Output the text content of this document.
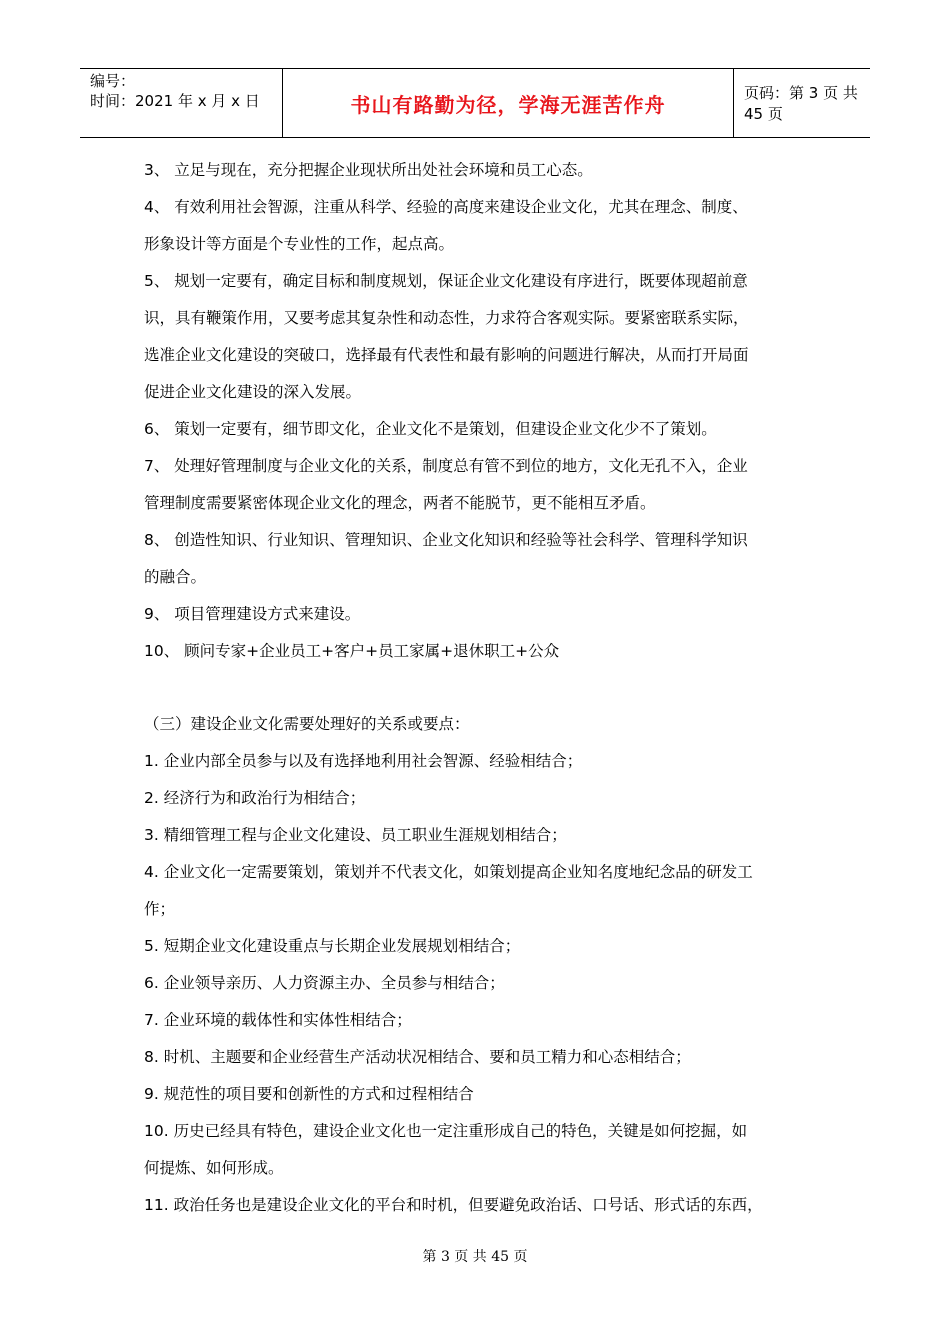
编号：
时间：2021 年 x 月 x 日	书山有路勤为径，学海无涯苦作舟	页码：第 3 页 共 45 页
3、 立足与现在，充分把握企业现状所出处社会环境和员工心态。
4、 有效利用社会智源，注重从科学、经验的高度来建设企业文化，尤其在理念、制度、
形象设计等方面是个专业性的工作，起点高。
5、 规划一定要有，确定目标和制度规划，保证企业文化建设有序进行，既要体现超前意
识，具有鞭策作用，又要考虑其复杂性和动态性，力求符合客观实际。要紧密联系实际，
选准企业文化建设的突破口，选择最有代表性和最有影响的问题进行解决，从而打开局面
促进企业文化建设的深入发展。
6、 策划一定要有，细节即文化，企业文化不是策划，但建设企业文化少不了策划。
7、 处理好管理制度与企业文化的关系，制度总有管不到位的地方，文化无孔不入，企业
管理制度需要紧密体现企业文化的理念，两者不能脱节，更不能相互矛盾。
8、 创造性知识、行业知识、管理知识、企业文化知识和经验等社会科学、管理科学知识
的融合。
9、 项目管理建设方式来建设。
10、 顾问专家+企业员工+客户+员工家属+退休职工+公众
（三）建设企业文化需要处理好的关系或要点：
1. 企业内部全员参与以及有选择地利用社会智源、经验相结合；
2. 经济行为和政治行为相结合；
3. 精细管理工程与企业文化建设、员工职业生涯规划相结合；
4. 企业文化一定需要策划，策划并不代表文化，如策划提高企业知名度地纪念品的研发工
作；
5. 短期企业文化建设重点与长期企业发展规划相结合；
6. 企业领导亲历、人力资源主办、全员参与相结合；
7. 企业环境的载体性和实体性相结合；
8. 时机、主题要和企业经营生产活动状况相结合、要和员工精力和心态相结合；
9. 规范性的项目要和创新性的方式和过程相结合
10. 历史已经具有特色，建设企业文化也一定注重形成自己的特色，关键是如何挖掘，如
何提炼、如何形成。
11. 政治任务也是建设企业文化的平台和时机，但要避免政治话、口号话、形式话的东西，
第 3 页 共 45 页
